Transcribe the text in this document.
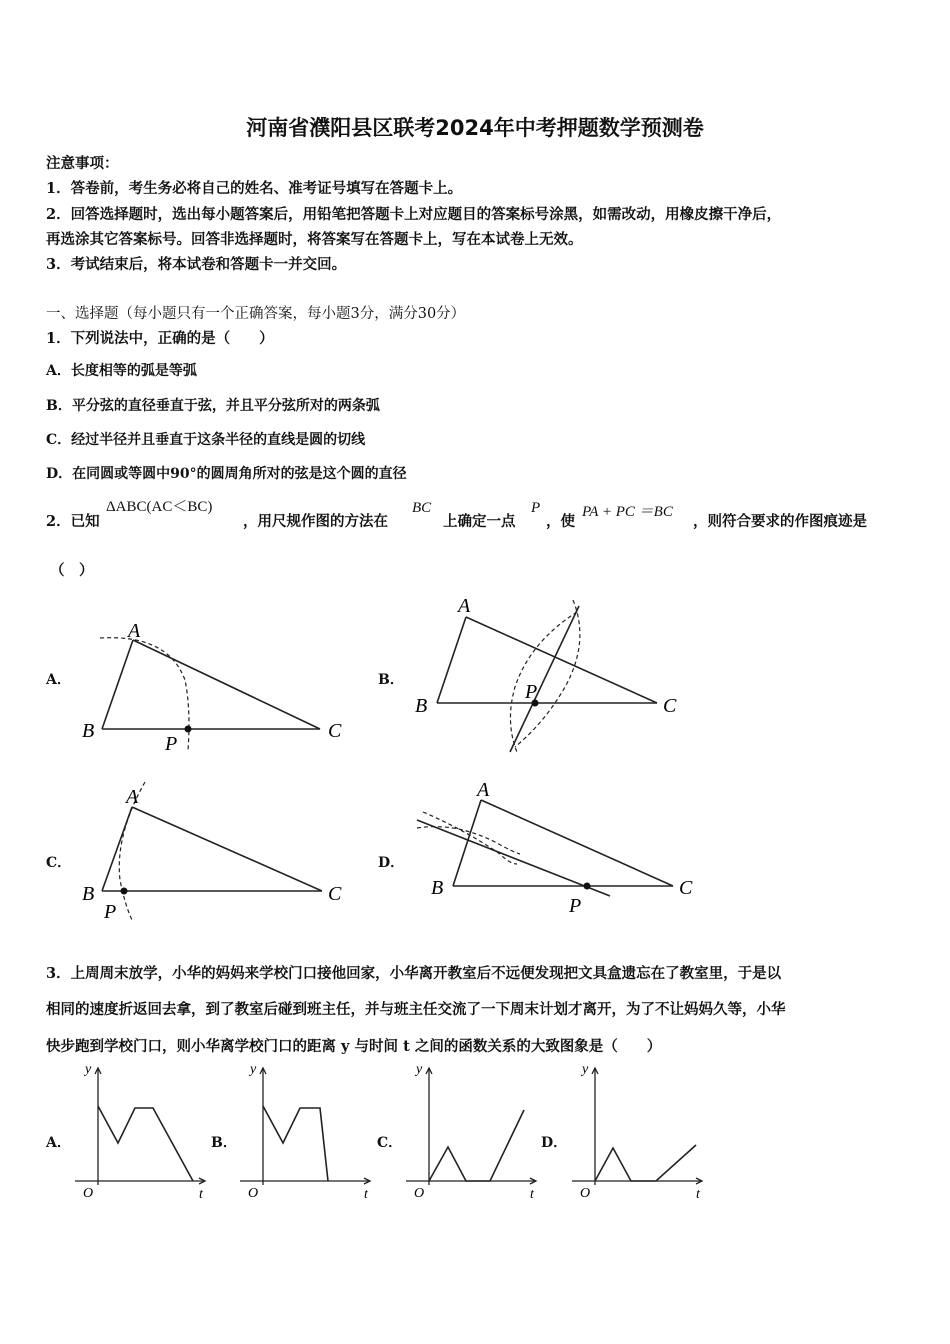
河南省濮阳县区联考2024年中考押题数学预测卷
注意事项：
1．答卷前，考生务必将自己的姓名、准考证号填写在答题卡上。
2．回答选择题时，选出每小题答案后，用铅笔把答题卡上对应题目的答案标号涂黑，如需改动，用橡皮擦干净后，
再选涂其它答案标号。回答非选择题时，将答案写在答题卡上，写在本试卷上无效。
3．考试结束后，将本试卷和答题卡一并交回。
一、选择题（每小题只有一个正确答案，每小题3分，满分30分）
1．下列说法中，正确的是（　　）
A．长度相等的弧是等弧
B．平分弦的直径垂直于弦，并且平分弦所对的两条弧
C．经过半径并且垂直于这条半径的直线是圆的切线
D．在同圆或等圆中90°的圆周角所对的弦是这个圆的直径
2．已知
ΔABC(AC＜BC)
，用尺规作图的方法在
BC
上确定一点
P
，使
PA + PC ＝BC
，则符合要求的作图痕迹是
（　）
A．	B．
C．	D．
A
B	C
P
A
B	C
P
A
B	C
P
A
B	C
P
3．上周周末放学，小华的妈妈来学校门口接他回家，小华离开教室后不远便发现把文具盒遗忘在了教室里，于是以
相同的速度折返回去拿，到了教室后碰到班主任，并与班主任交流了一下周末计划才离开，为了不让妈妈久等，小华
快步跑到学校门口，则小华离学校门口的距离 y 与时间 t 之间的函数关系的大致图象是（　　）
A．	B．	C．	D．
y
t
O
y
t
O
y
t
O
y
t
O
